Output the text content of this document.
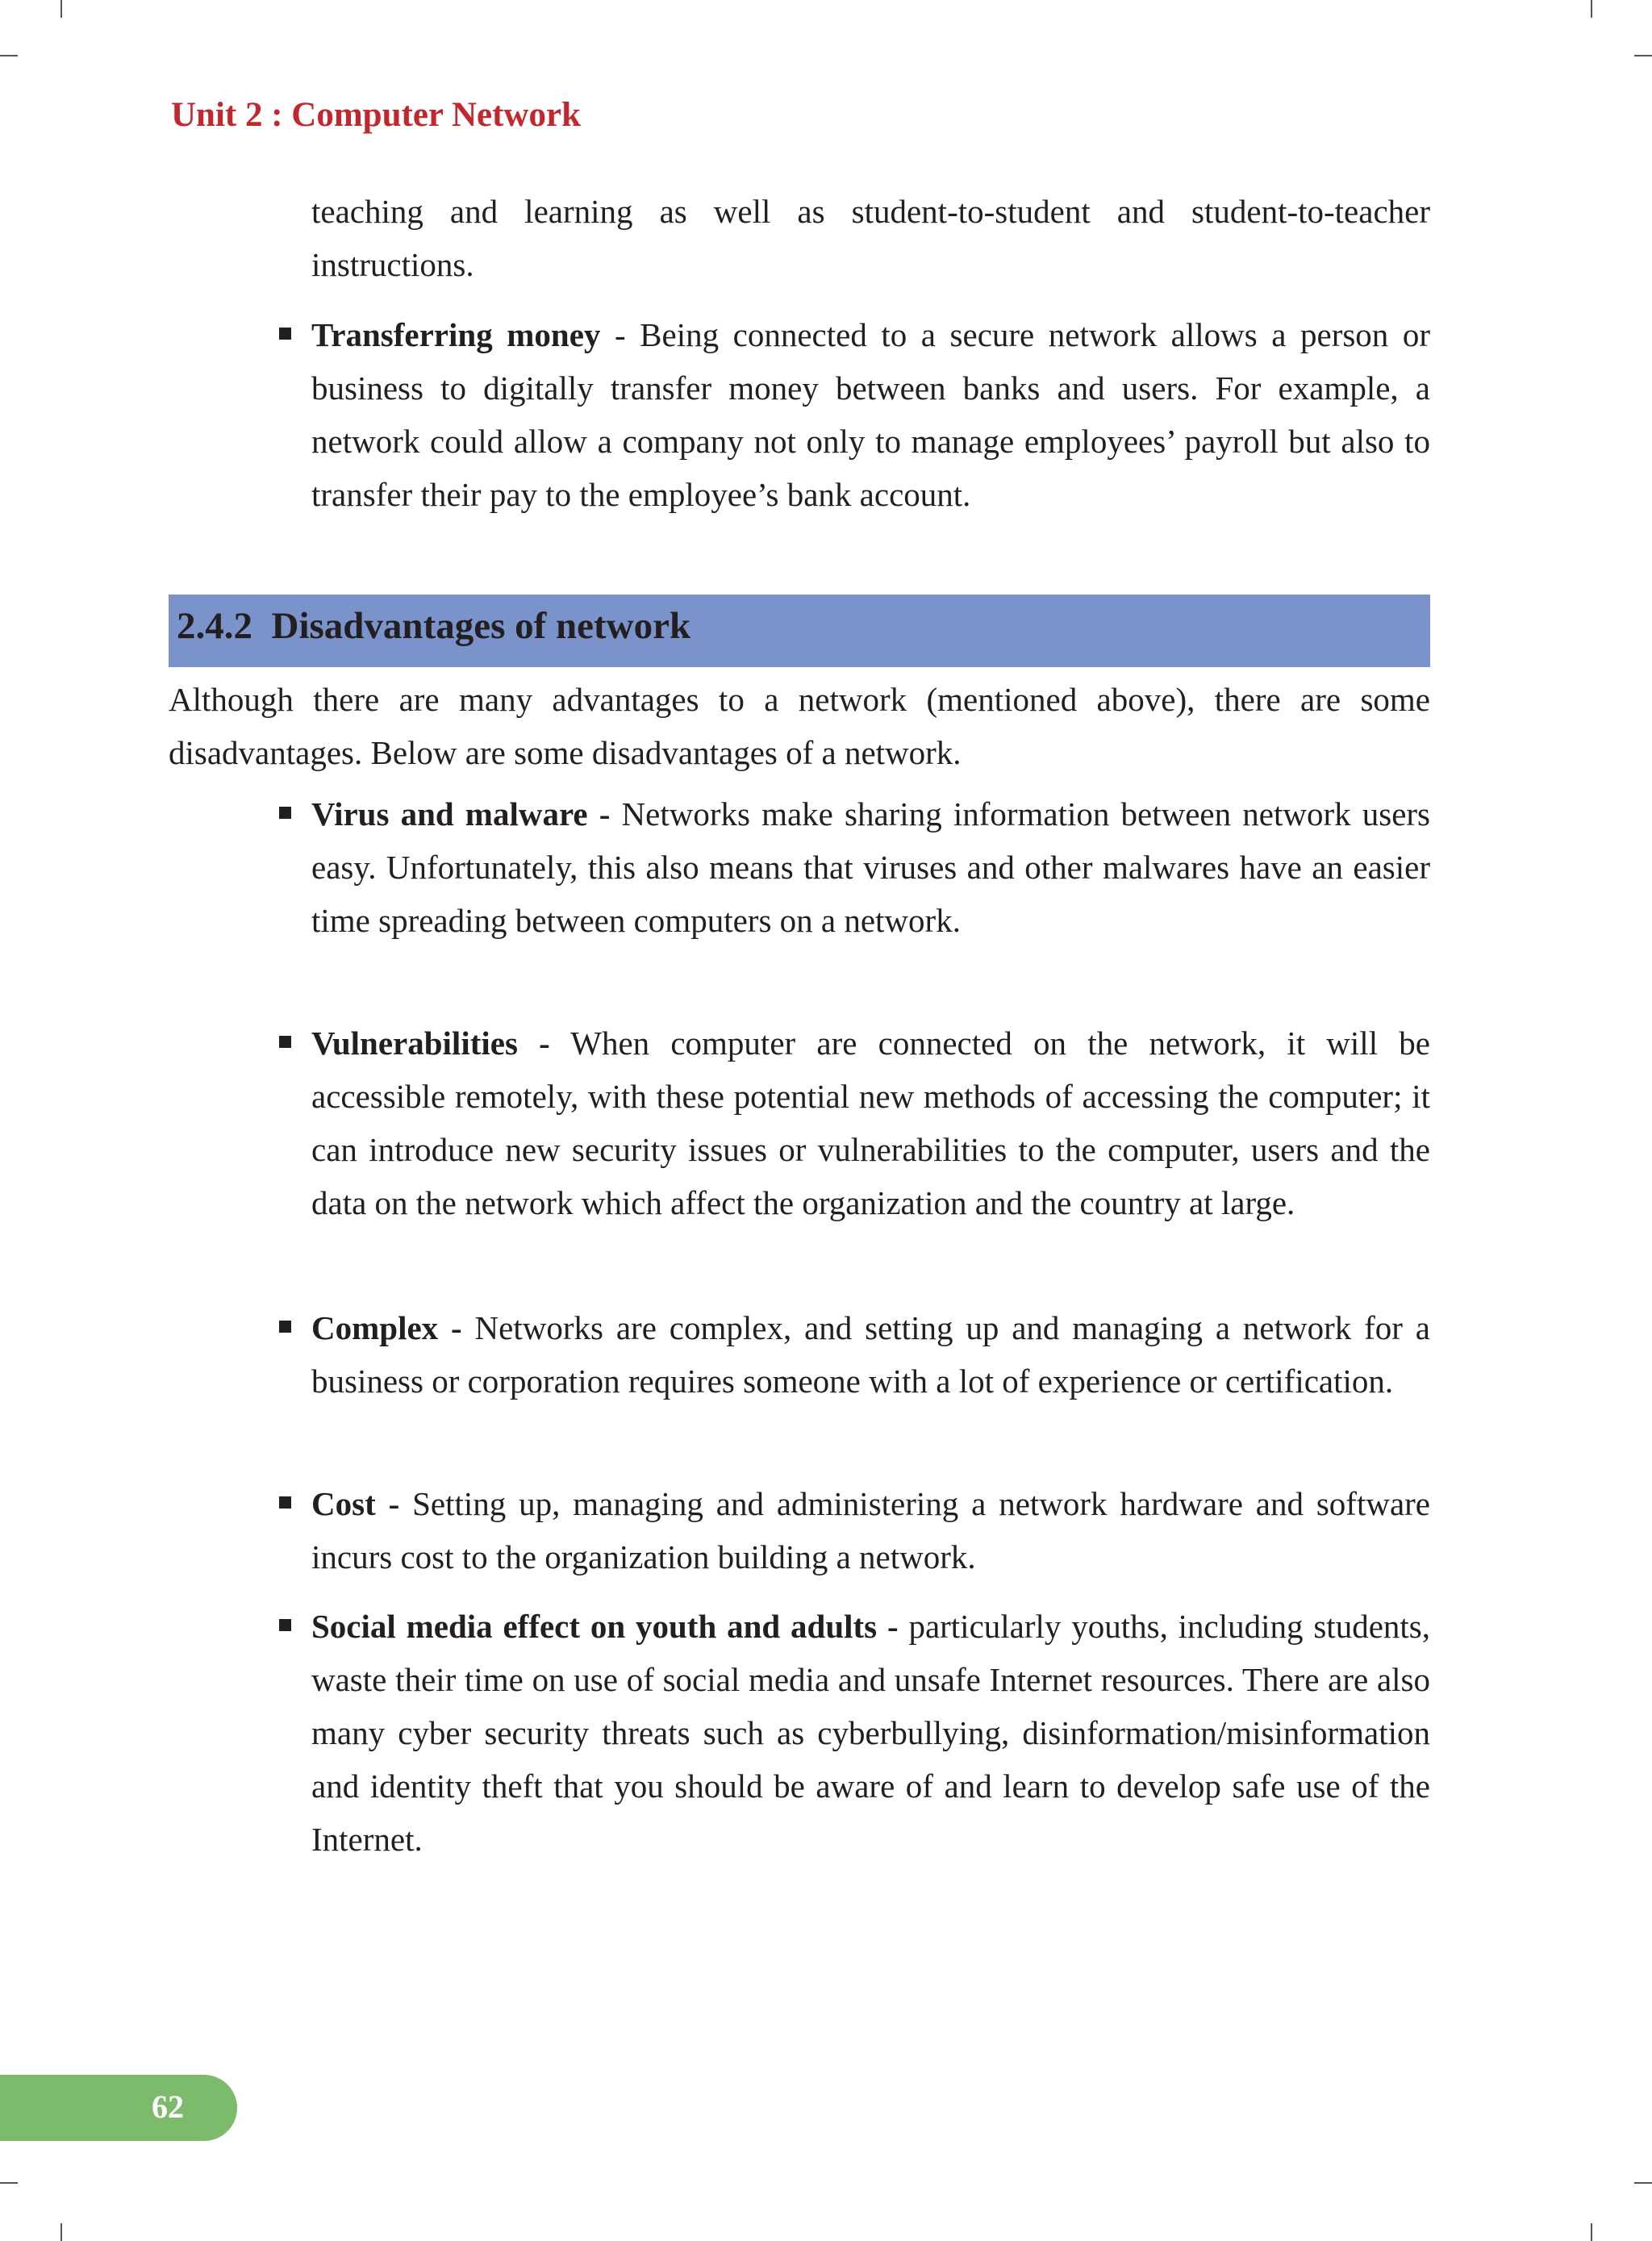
Unit 2 : Computer Network
teaching and learning as well as student-to-student and student-to-teacher instructions.
Transferring money - Being connected to a secure network allows a person or business to digitally transfer money between banks and users. For example, a network could allow a company not only to manage employees’ payroll but also to transfer their pay to the employee’s bank account.
2.4.2 Disadvantages of network
Although there are many advantages to a network (mentioned above), there are some disadvantages. Below are some disadvantages of a network.
Virus and malware - Networks make sharing information between network users easy. Unfortunately, this also means that viruses and other malwares have an easier time spreading between computers on a network.
Vulnerabilities - When computer are connected on the network, it will be accessible remotely, with these potential new methods of accessing the computer; it can introduce new security issues or vulnerabilities to the computer, users and the data on the network which affect the organization and the country at large.
Complex - Networks are complex, and setting up and managing a network for a business or corporation requires someone with a lot of experience or certification.
Cost - Setting up, managing and administering a network hardware and software incurs cost to the organization building a network.
Social media effect on youth and adults - particularly youths, including students, waste their time on use of social media and unsafe Internet resources. There are also many cyber security threats such as cyberbullying, disinformation/misinformation and identity theft that you should be aware of and learn to develop safe use of the Internet.
62
